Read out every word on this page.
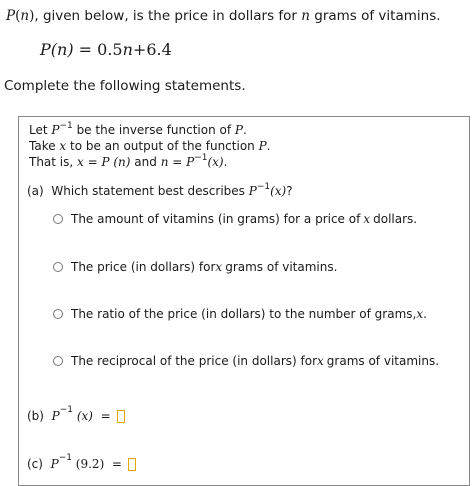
P(n), given below, is the price in dollars for n grams of vitamins.
P(n) = 0.5n+6.4
Complete the following statements.
Let $P^{-1}$ be the inverse function of P.
Take x to be an output of the function P.
That is, x = P (n) and $n = P^{-1}(x)$.
(a) Which statement best describes $P^{-1}(x)$?
The amount of vitamins (in grams) for a price of x dollars.
The price (in dollars) for x grams of vitamins.
The ratio of the price (in dollars) to the number of grams, x .
The reciprocal of the price (in dollars) for x grams of vitamins.
(b)
P −1
(x)
=
(c)
P −1
(9.2)
=
